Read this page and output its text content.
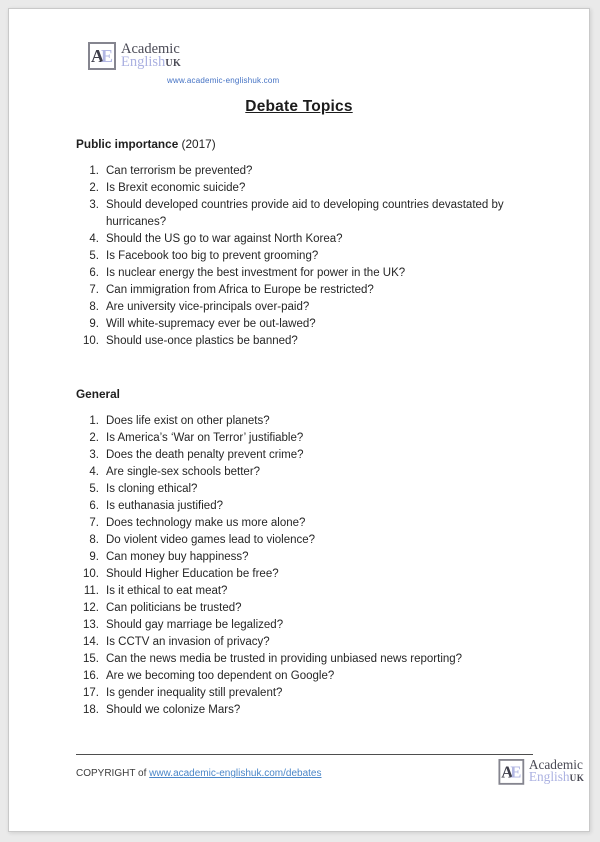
A
E Academic
EnglishUK
www.academic-englishuk.com
Debate Topics
Public importance (2017)
Can terrorism be prevented?
Is Brexit economic suicide?
Should developed countries provide aid to developing countries devastated by hurricanes?
Should the US go to war against North Korea?
Is Facebook too big to prevent grooming?
Is nuclear energy the best investment for power in the UK?
Can immigration from Africa to Europe be restricted?
Are university vice-principals over-paid?
Will white-supremacy ever be out-lawed?
Should use-once plastics be banned?
General
Does life exist on other planets?
Is America’s ‘War on Terror’ justifiable?
Does the death penalty prevent crime?
Are single-sex schools better?
Is cloning ethical?
Is euthanasia justified?
Does technology make us more alone?
Do violent video games lead to violence?
Can money buy happiness?
Should Higher Education be free?
Is it ethical to eat meat?
Can politicians be trusted?
Should gay marriage be legalized?
Is CCTV an invasion of privacy?
Can the news media be trusted in providing unbiased news reporting?
Are we becoming too dependent on Google?
Is gender inequality still prevalent?
Should we colonize Mars?
COPYRIGHT of www.academic-englishuk.com/debates	A
E Academic
EnglishUK
